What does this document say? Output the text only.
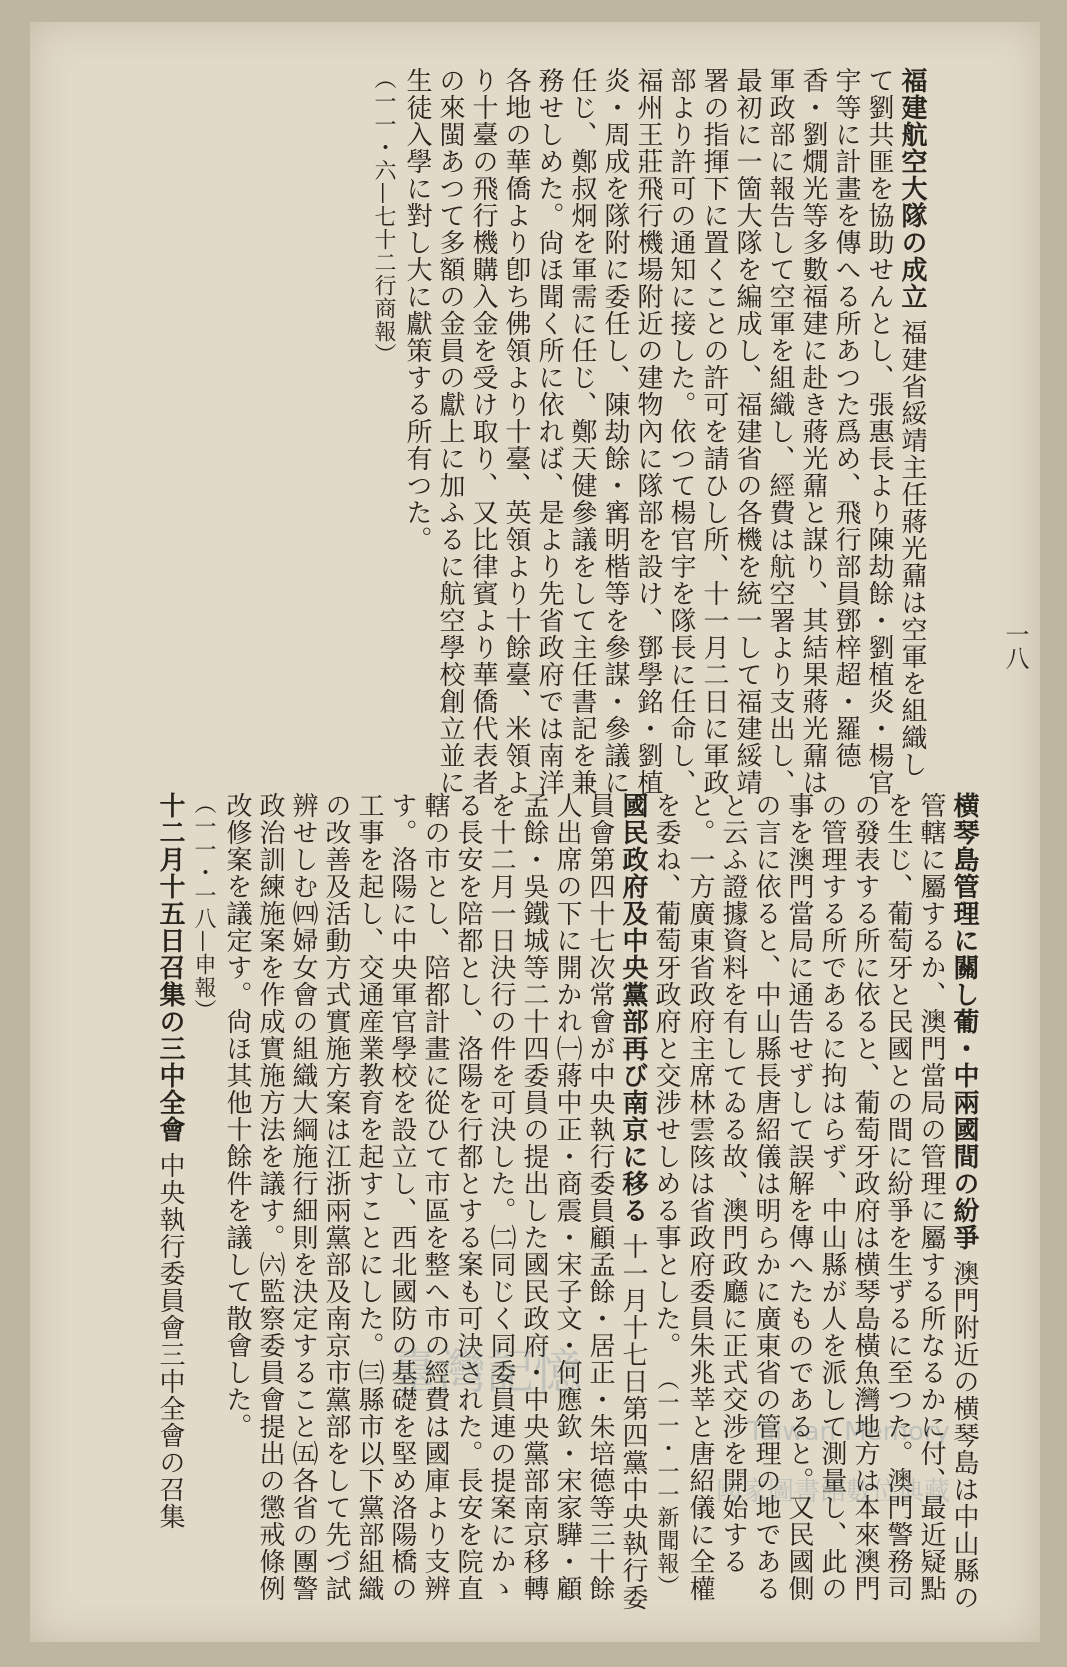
一八

福建航空大隊の成立 福建省綏靖主任蔣光鼐は空軍を組織して劉共匪を協助せんとし、張惠長より陳劫餘・劉植炎・楊官宇等に計畫を傳へる所あつた爲め、飛行部員鄧梓超・羅德香・劉燗光等多數福建に赴き蔣光鼐と謀り、其結果蔣光鼐は軍政部に報告して空軍を組織し、經費は航空署より支出し、最初に一箇大隊を編成し、福建省の各機を統一して福建綏靖署の指揮下に置くことの許可を請ひし所、十一月二日に軍政部より許可の通知に接した。依つて楊官宇を隊長に任命し、福州王莊飛行機場附近の建物內に隊部を設け、鄧學銘・劉植炎・周成を隊附に委任し、陳劫餘・寗明楷等を參謀・參議に任じ、鄭叔炯を軍需に任じ、鄭天健參議をして主任書記を兼務せしめた。尙ほ聞く所に依れば、是より先省政府では南洋各地の華僑より卽ち佛領より十臺、英領より十餘臺、米領より十臺の飛行機購入金を受け取り、又比律賓より華僑代表者の來閩あつて多額の金員の獻上に加ふるに航空學校創立並に生徒入學に對し大に獻策する所有つた。 （一一・六—七十二行商報）

横琴島管理に關し葡・中兩國間の紛爭 澳門附近の横琴島は中山縣の管轄に屬するか、澳門當局の管理に屬する所なるかに付、最近疑點を生じ、葡萄牙と民國との間に紛爭を生ずるに至つた。澳門警務司の發表する所に依ると、葡萄牙政府は横琴島橫魚灣地方は本來澳門の管理する所であるに拘はらず、中山縣が人を派して測量し、此の事を澳門當局に通告せずして誤解を傳へたものであると。又民國側の言に依ると、中山縣長唐紹儀は明らかに廣東省の管理の地であると云ふ證據資料を有してゐる故、澳門政廳に正式交涉を開始すると。一方廣東省政府主席林雲陔は省政府委員朱兆莘と唐紹儀に全權を委ね、葡萄牙政府と交涉せしめる事とした。 （一一・一一新聞報）

國民政府及中央黨部再び南京に移る 十一月十七日第四黨中央執行委員會第四十七次常會が中央執行委員顧孟餘・居正・朱培德等三十餘人出席の下に開かれ㈠蔣中正・商震・宋子文・何應欽・宋家驊・顧孟餘・吳鐵城等二十四委員の提出した國民政府・中央黨部南京移轉を十二月一日決行の件を可決した。㈡同じく同委員連の提案にかゝる長安を陪都とし、洛陽を行都とする案も可決された。長安を院直轄の市とし、陪都計畫に從ひて市區を整へ市の經費は國庫より支辨す。洛陽に中央軍官學校を設立し、西北國防の基礎を堅め洛陽橋の工事を起し、交通産業教育を起すことにした。㈢縣市以下黨部組織の改善及活動方式實施方案は江浙兩黨部及南京市黨部をして先づ試辨せしむ㈣婦女會の組織大綱施行細則を決定すること㈤各省の團警政治訓練施案を作成實施方法を議す。㈥監察委員會提出の懲戒條例改修案を議定す。尙ほ其他十餘件を議して散會した。 （一一・一八—申報）

十二月十五日召集の三中全會 中央執行委員會三中全會の召集	臺灣記憶
Taiwan Memory
國家圖書館數位典藏
